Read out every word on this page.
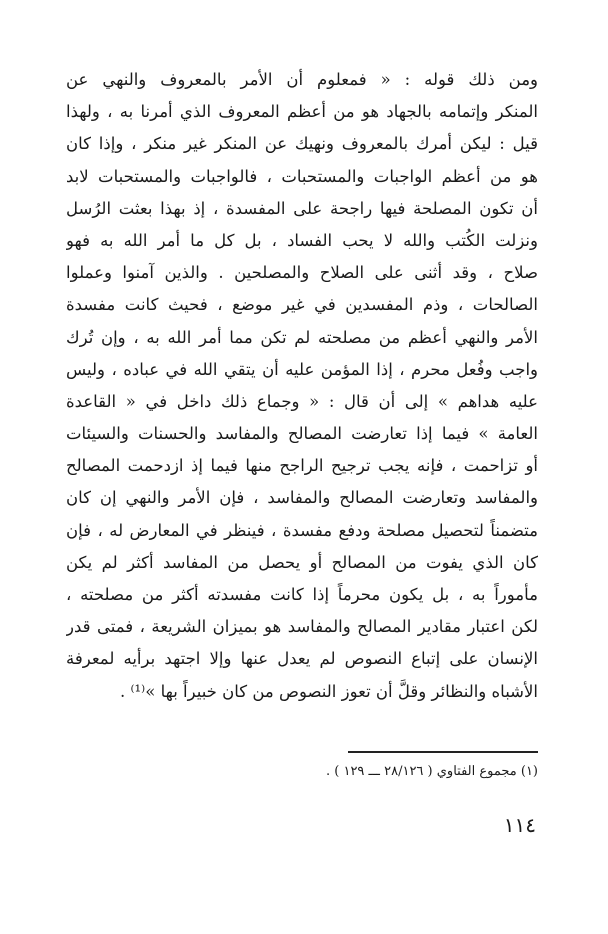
ومن ذلك قوله : « فمعلوم أن الأمر بالمعروف والنهي عن
المنكر وإتمامه بالجهاد هو من أعظم المعروف الذي أمرنا به ، ولهذا
قيل : ليكن أمرك بالمعروف ونهيك عن المنكر غير منكر ، وإذا كان
هو من أعظم الواجبات والمستحبات ، فالواجبات والمستحبات لابد
أن تكون المصلحة فيها راجحة على المفسدة ، إذ بهذا بعثت الرُسل
ونزلت الكُتب والله لا يحب الفساد ، بل كل ما أمر الله به فهو
صلاح ، وقد أثنى على الصلاح والمصلحين . والذين آمنوا وعملوا
الصالحات ، وذم المفسدين في غير موضع ، فحيث كانت مفسدة
الأمر والنهي أعظم من مصلحته لم تكن مما أمر الله به ، وإن تُرك
واجب وفُعل محرم ، إذا المؤمن عليه أن يتقي الله في عباده ، وليس
عليه هداهم » إلى أن قال : « وجماع ذلك داخل في « القاعدة
العامة » فيما إذا تعارضت المصالح والمفاسد والحسنات والسيئات
أو تزاحمت ، فإنه يجب ترجيح الراجح منها فيما إذ ازدحمت المصالح
والمفاسد وتعارضت المصالح والمفاسد ، فإن الأمر والنهي إن كان
متضمناً لتحصيل مصلحة ودفع مفسدة ، فينظر في المعارض له ، فإن
كان الذي يفوت من المصالح أو يحصل من المفاسد أكثر لم يكن
مأموراً به ، بل يكون محرماً إذا كانت مفسدته أكثر من مصلحته ،
لكن اعتبار مقادير المصالح والمفاسد هو بميزان الشريعة ، فمتى قدر
الإنسان على إتباع النصوص لم يعدل عنها وإلا اجتهد برأيه لمعرفة
الأشباه والنظائر وقلَّ أن تعوز النصوص من كان خبيراً بها »⁽¹⁾ .
(١) مجموع الفتاوي ( ٢٨/١٢٦ ـــ ١٢٩ ) .
١١٤
